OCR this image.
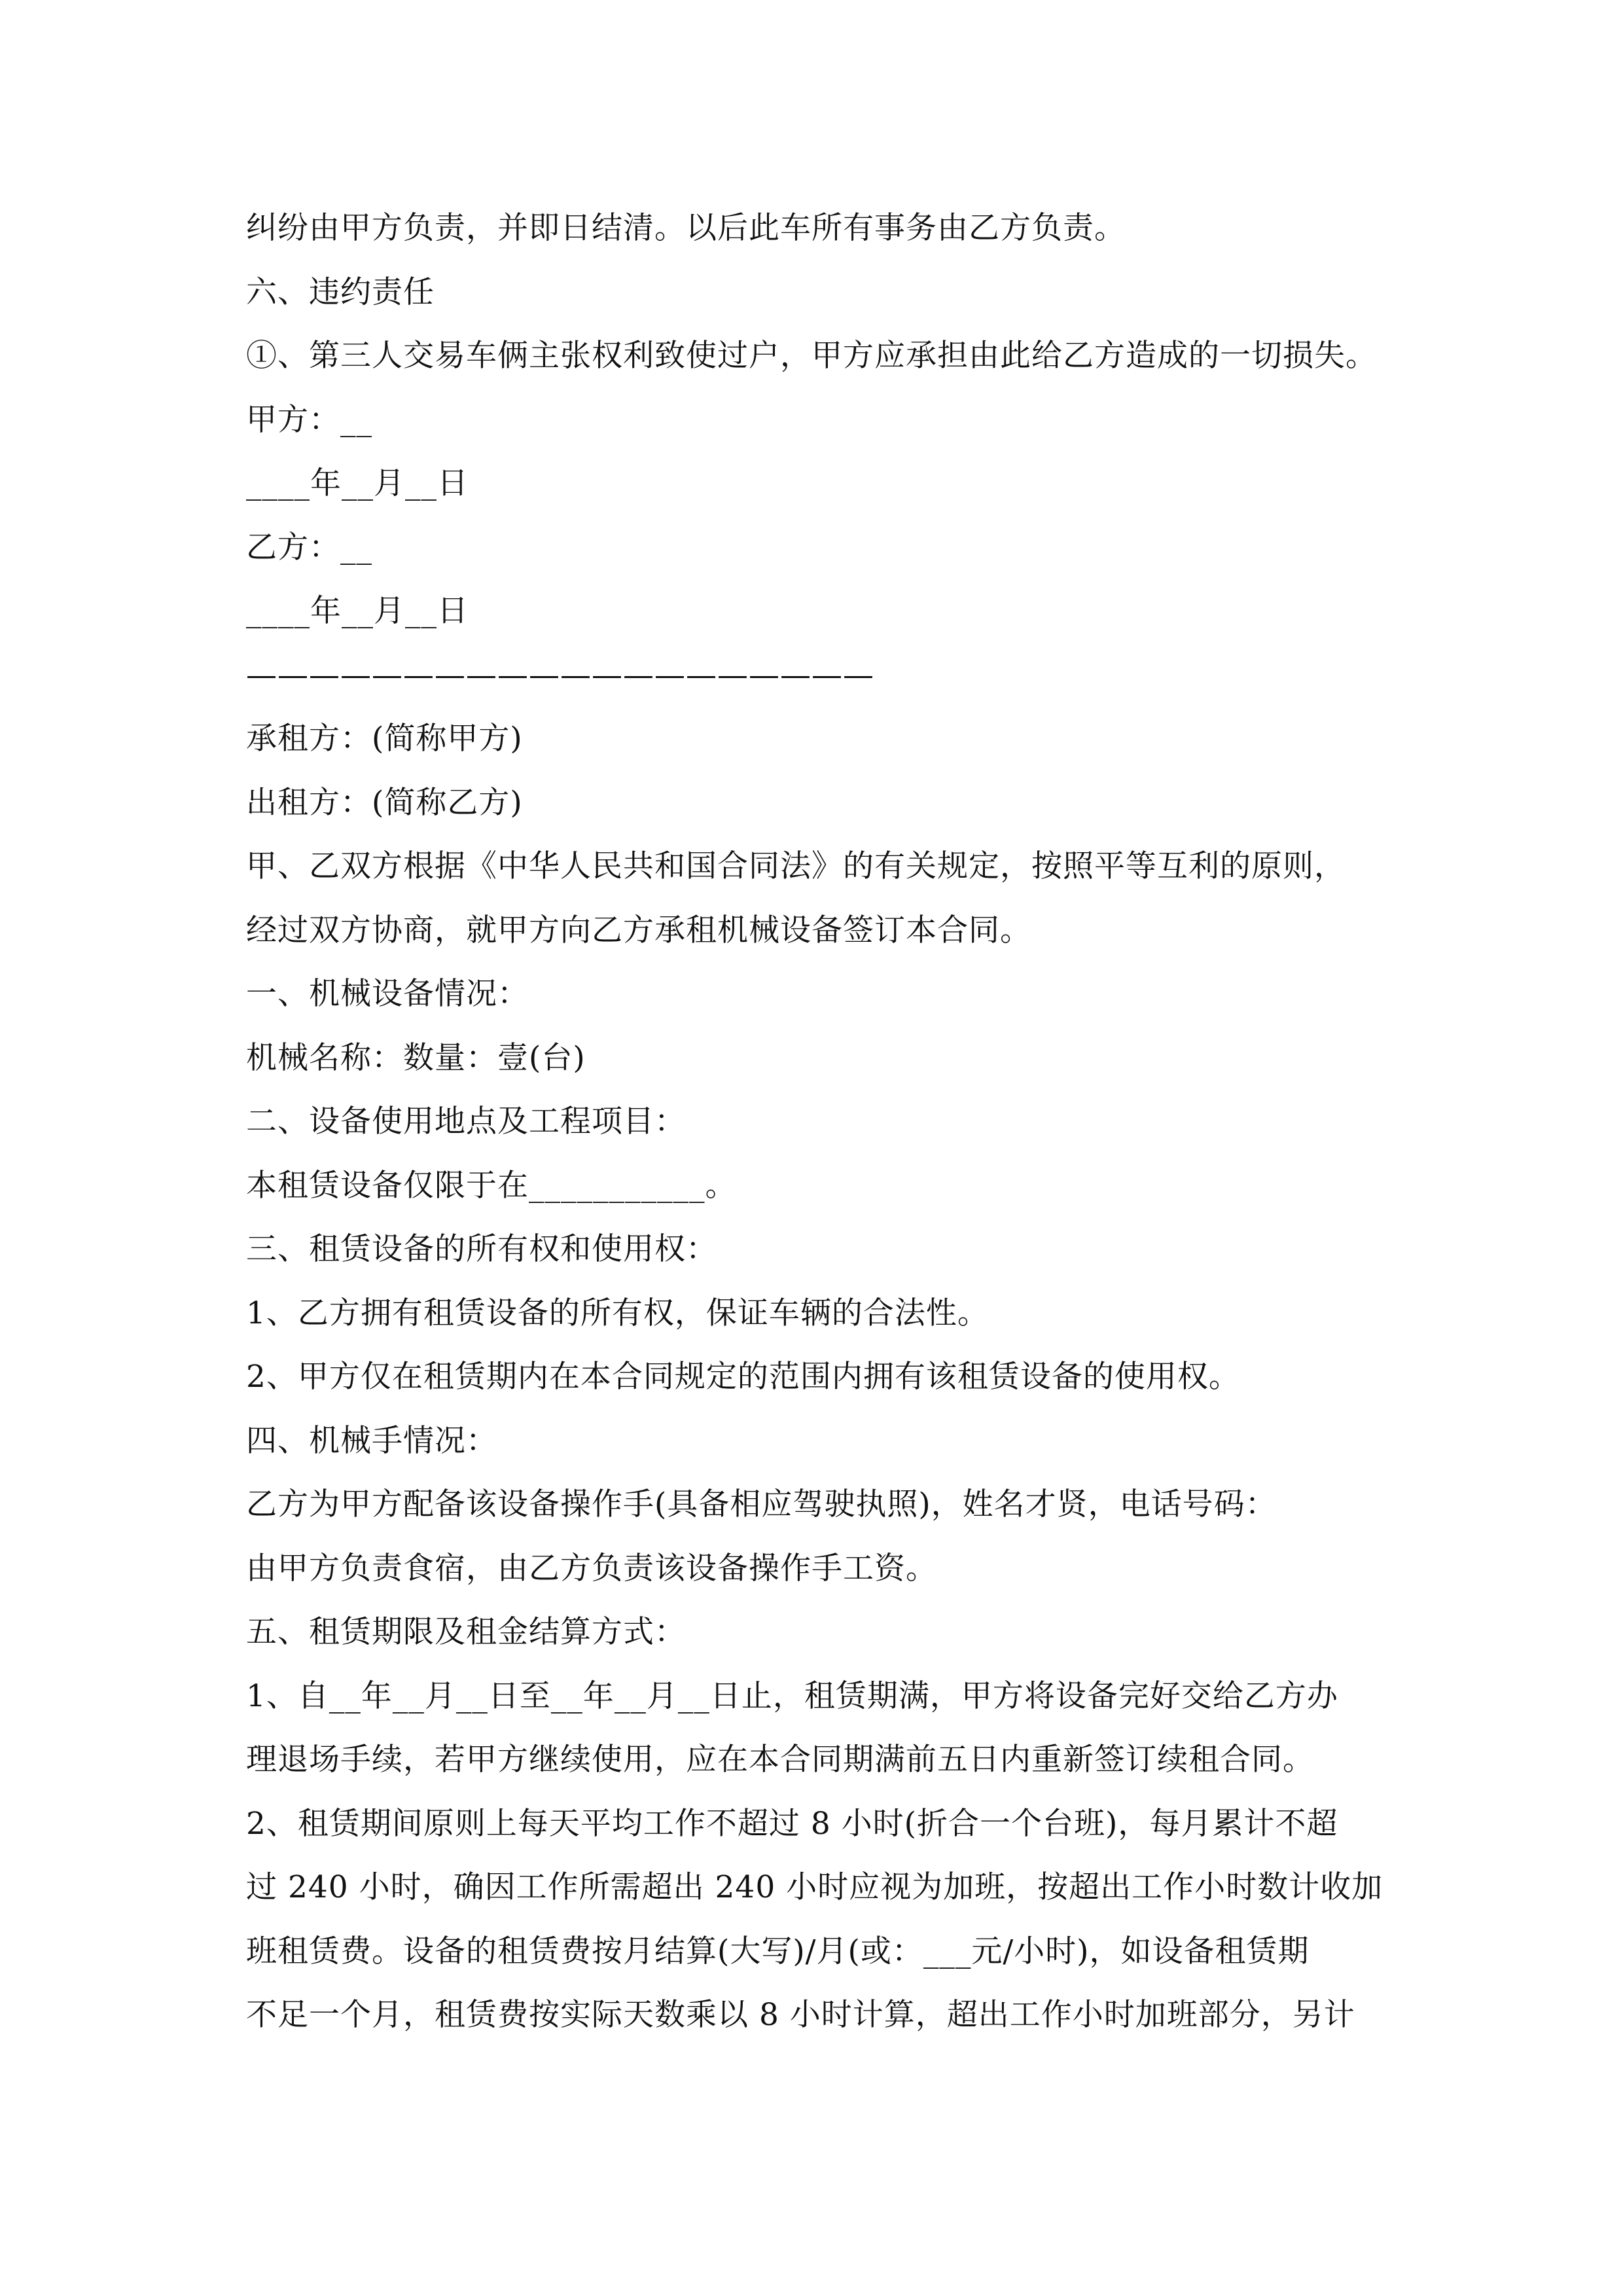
纠纷由甲方负责，并即日结清。以后此车所有事务由乙方负责。
六、违约责任
①、第三人交易车俩主张权利致使过户，甲方应承担由此给乙方造成的一切损失。
甲方：__
____年__月__日
乙方：__
____年__月__日
————————————————————
承租方：(简称甲方)
出租方：(简称乙方)
甲、乙双方根据《中华人民共和国合同法》的有关规定，按照平等互利的原则，
经过双方协商，就甲方向乙方承租机械设备签订本合同。
一、机械设备情况：
机械名称：数量：壹(台)
二、设备使用地点及工程项目：
本租赁设备仅限于在___________。
三、租赁设备的所有权和使用权：
1、乙方拥有租赁设备的所有权，保证车辆的合法性。
2、甲方仅在租赁期内在本合同规定的范围内拥有该租赁设备的使用权。
四、机械手情况：
乙方为甲方配备该设备操作手(具备相应驾驶执照)，姓名才贤，电话号码：
由甲方负责食宿，由乙方负责该设备操作手工资。
五、租赁期限及租金结算方式：
1、自__年__月__日至__年__月__日止，租赁期满，甲方将设备完好交给乙方办
理退场手续，若甲方继续使用，应在本合同期满前五日内重新签订续租合同。
2、租赁期间原则上每天平均工作不超过 8 小时(折合一个台班)，每月累计不超
过 240 小时，确因工作所需超出 240 小时应视为加班，按超出工作小时数计收加
班租赁费。设备的租赁费按月结算(大写)/月(或：___元/小时)，如设备租赁期
不足一个月，租赁费按实际天数乘以 8 小时计算，超出工作小时加班部分，另计
